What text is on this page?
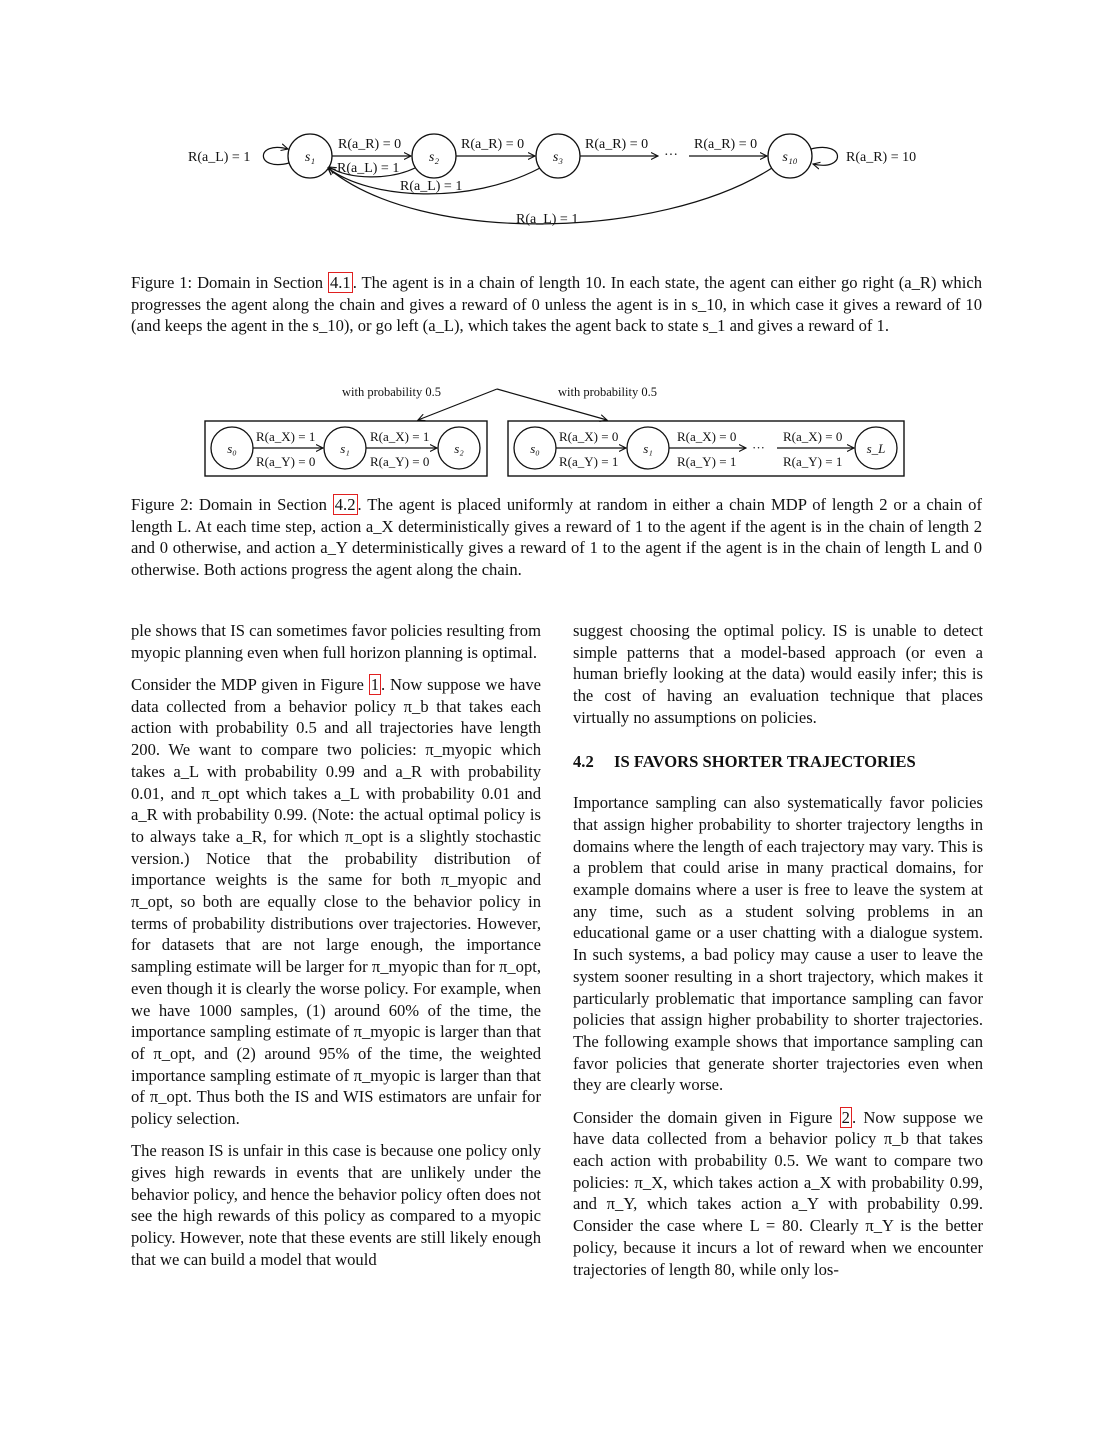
s₁	s₂	s₃	s₁₀
R(a_L) = 1
R(a_R) = 0	R(a_R) = 0	R(a_R) = 0
···
R(a_R) = 0
R(a_L) = 1
R(a_L) = 1
R(a_L) = 1
R(a_R) = 10
Figure 1: Domain in Section 4.1 . The agent is in a chain of length 10. In each state, the agent can either go right (a_R) which progresses the agent along the chain and gives a reward of 0 unless the agent is in s_10, in which case it gives a reward of 10 (and keeps the agent in the s_10), or go left (a_L), which takes the agent back to state s_1 and gives a reward of 1.
with probability 0.5	with probability 0.5
s₀	s₁	s₂
R(a_X) = 1
R(a_Y) = 0
R(a_X) = 1
R(a_Y) = 0
s₀	s₁	s_L
R(a_X) = 0
R(a_Y) = 1
R(a_X) = 0
R(a_Y) = 1
···
R(a_X) = 0
R(a_Y) = 1
Figure 2: Domain in Section 4.2 . The agent is placed uniformly at random in either a chain MDP of length 2 or a chain of length L. At each time step, action a_X deterministically gives a reward of 1 to the agent if the agent is in the chain of length 2 and 0 otherwise, and action a_Y deterministically gives a reward of 1 to the agent if the agent is in the chain of length L and 0 otherwise. Both actions progress the agent along the chain.

ple shows that IS can sometimes favor policies resulting from myopic planning even when full horizon planning is optimal.

Consider the MDP given in Figure 1 . Now suppose we have data collected from a behavior policy π_b that takes each action with probability 0.5 and all trajectories have length 200. We want to compare two policies: π_myopic which takes a_L with probability 0.99 and a_R with probability 0.01, and π_opt which takes a_L with probability 0.01 and a_R with probability 0.99. (Note: the actual optimal policy is to always take a_R, for which π_opt is a slightly stochastic version.) Notice that the probability distribution of importance weights is the same for both π_myopic and π_opt, so both are equally close to the behavior policy in terms of probability distributions over trajectories. However, for datasets that are not large enough, the importance sampling estimate will be larger for π_myopic than for π_opt, even though it is clearly the worse policy. For example, when we have 1000 samples, (1) around 60% of the time, the importance sampling estimate of π_myopic is larger than that of π_opt, and (2) around 95% of the time, the weighted importance sampling estimate of π_myopic is larger than that of π_opt. Thus both the IS and WIS estimators are unfair for policy selection.

The reason IS is unfair in this case is because one policy only gives high rewards in events that are unlikely under the behavior policy, and hence the behavior policy often does not see the high rewards of this policy as compared to a myopic policy. However, note that these events are still likely enough that we can build a model that would

suggest choosing the optimal policy. IS is unable to detect simple patterns that a model-based approach (or even a human briefly looking at the data) would easily infer; this is the cost of having an evaluation technique that places virtually no assumptions on policies.

4.2 IS FAVORS SHORTER TRAJECTORIES

Importance sampling can also systematically favor policies that assign higher probability to shorter trajectory lengths in domains where the length of each trajectory may vary. This is a problem that could arise in many practical domains, for example domains where a user is free to leave the system at any time, such as a student solving problems in an educational game or a user chatting with a dialogue system. In such systems, a bad policy may cause a user to leave the system sooner resulting in a short trajectory, which makes it particularly problematic that importance sampling can favor policies that assign higher probability to shorter trajectories. The following example shows that importance sampling can favor policies that generate shorter trajectories even when they are clearly worse.

Consider the domain given in Figure 2 . Now suppose we have data collected from a behavior policy π_b that takes each action with probability 0.5. We want to compare two policies: π_X, which takes action a_X with probability 0.99, and π_Y, which takes action a_Y with probability 0.99. Consider the case where L = 80. Clearly π_Y is the better policy, because it incurs a lot of reward when we encounter trajectories of length 80, while only los-
